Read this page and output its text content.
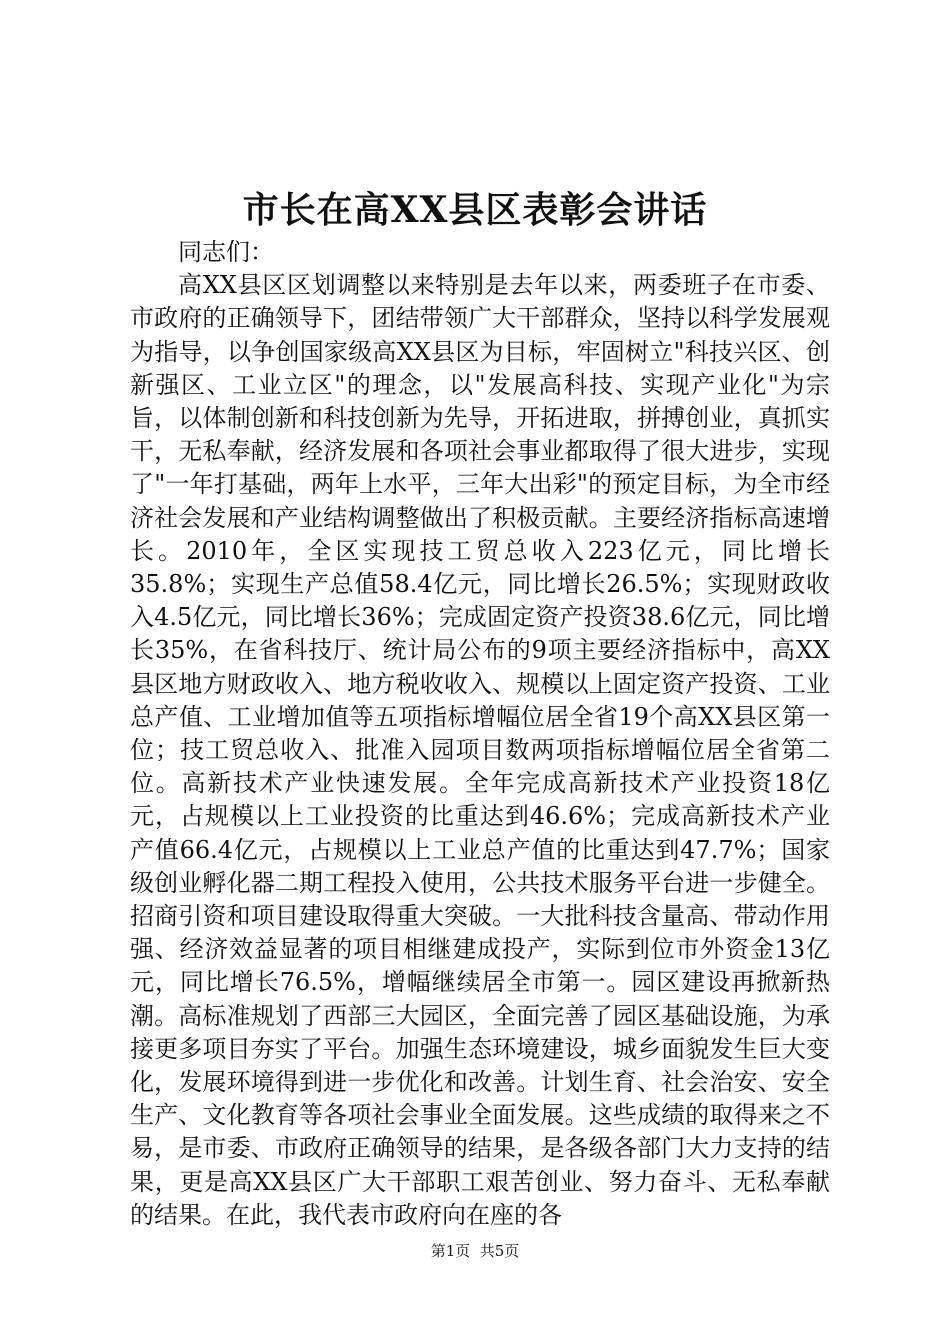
市长在高XX县区表彰会讲话

同志们：

高XX县区区划调整以来特别是去年以来，两委班子在市委、市政府的正确领导下，团结带领广大干部群众，坚持以科学发展观为指导，以争创国家级高XX县区为目标，牢固树立"科技兴区、创新强区、工业立区"的理念，以"发展高科技、实现产业化"为宗旨，以体制创新和科技创新为先导，开拓进取，拼搏创业，真抓实干，无私奉献，经济发展和各项社会事业都取得了很大进步，实现了"一年打基础，两年上水平，三年大出彩"的预定目标，为全市经济社会发展和产业结构调整做出了积极贡献。主要经济指标高速增长。2010年，全区实现技工贸总收入223亿元，同比增长35.8%；实现生产总值58.4亿元，同比增长26.5%；实现财政收入4.5亿元，同比增长36%；完成固定资产投资38.6亿元，同比增长35%，在省科技厅、统计局公布的9项主要经济指标中，高XX县区地方财政收入、地方税收收入、规模以上固定资产投资、工业总产值、工业增加值等五项指标增幅位居全省19个高XX县区第一位；技工贸总收入、批准入园项目数两项指标增幅位居全省第二位。高新技术产业快速发展。全年完成高新技术产业投资18亿元，占规模以上工业投资的比重达到46.6%；完成高新技术产业产值66.4亿元，占规模以上工业总产值的比重达到47.7%；国家级创业孵化器二期工程投入使用，公共技术服务平台进一步健全。招商引资和项目建设取得重大突破。一大批科技含量高、带动作用强、经济效益显著的项目相继建成投产，实际到位市外资金13亿元，同比增长76.5%，增幅继续居全市第一。园区建设再掀新热潮。高标准规划了西部三大园区，全面完善了园区基础设施，为承接更多项目夯实了平台。加强生态环境建设，城乡面貌发生巨大变化，发展环境得到进一步优化和改善。计划生育、社会治安、安全生产、文化教育等各项社会事业全面发展。这些成绩的取得来之不易，是市委、市政府正确领导的结果，是各级各部门大力支持的结果，更是高XX县区广大干部职工艰苦创业、努力奋斗、无私奉献的结果。在此，我代表市政府向在座的各

第1页  共5页
